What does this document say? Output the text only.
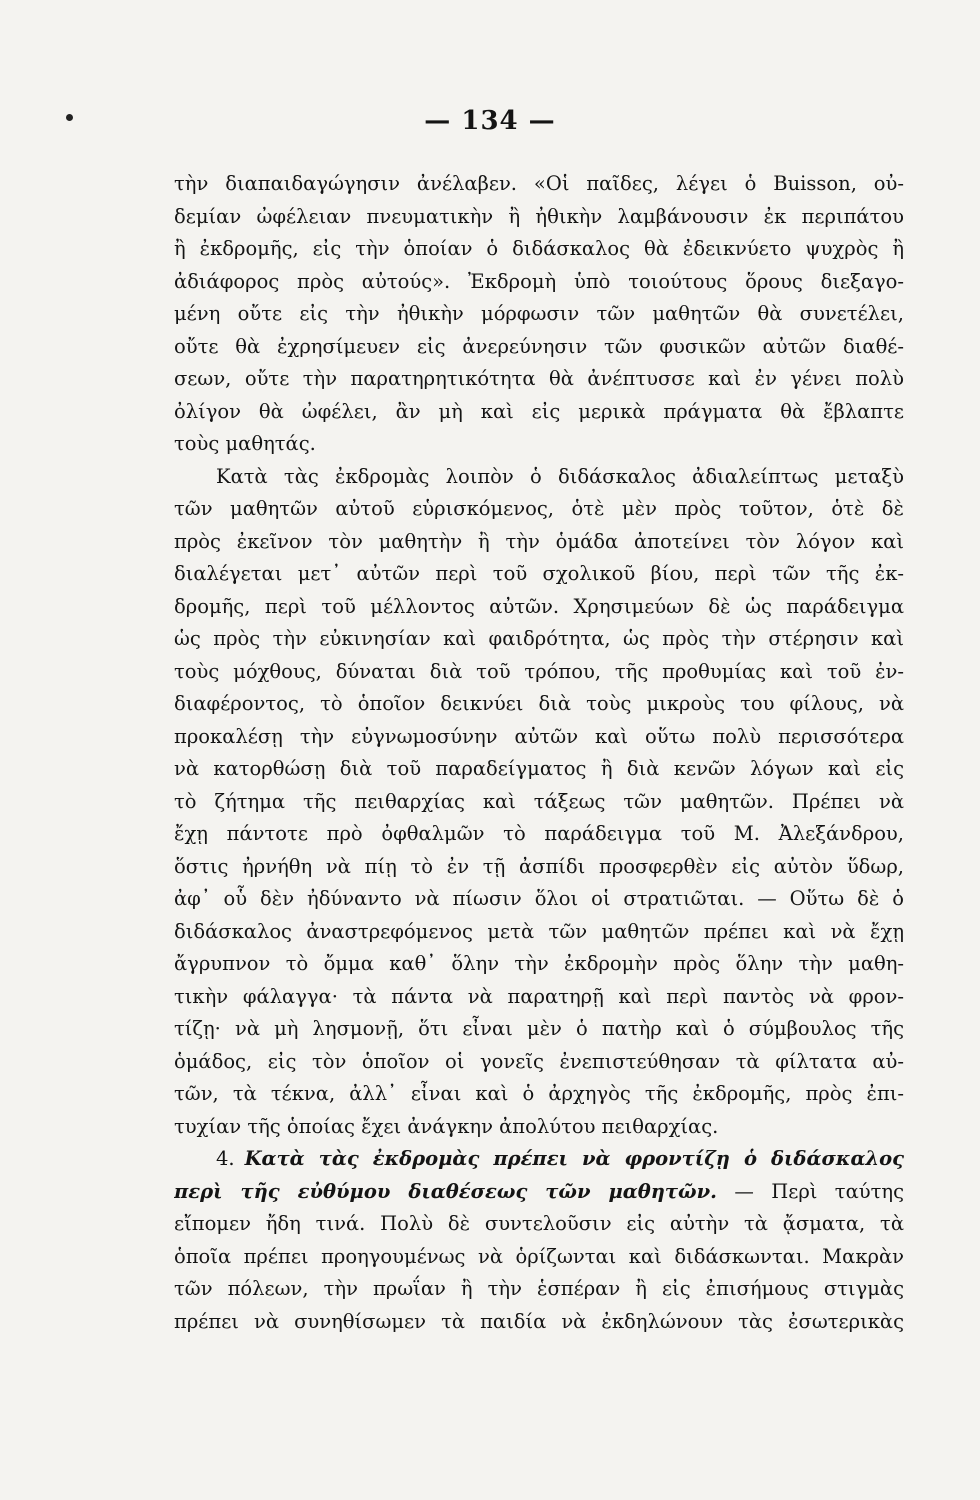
— 134 —
τὴν διαπαιδαγώγησιν ἀνέλαβεν. «Οἱ παῖδες, λέγει ὁ Buisson, οὐ-
δεμίαν ὠφέλειαν πνευματικὴν ἢ ἠθικὴν λαμβάνουσιν ἐκ περιπάτου
ἢ ἐκδρομῆς, εἰς τὴν ὁποίαν ὁ διδάσκαλος θὰ ἐδεικνύετο ψυχρὸς ἢ
ἀδιάφορος πρὸς αὐτούς». Ἐκδρομὴ ὑπὸ τοιούτους ὅρους διεξαγο-
μένη οὔτε εἰς τὴν ἠθικὴν μόρφωσιν τῶν μαθητῶν θὰ συνετέλει,
οὔτε θὰ ἐχρησίμευεν εἰς ἀνερεύνησιν τῶν φυσικῶν αὐτῶν διαθέ-
σεων, οὔτε τὴν παρατηρητικότητα θὰ ἀνέπτυσσε καὶ ἐν γένει πολὺ
ὀλίγον θὰ ὠφέλει, ἂν μὴ καὶ εἰς μερικὰ πράγματα θὰ ἔβλαπτε
τοὺς μαθητάς.
Κατὰ τὰς ἐκδρομὰς λοιπὸν ὁ διδάσκαλος ἀδιαλείπτως μεταξὺ
τῶν μαθητῶν αὐτοῦ εὑρισκόμενος, ὁτὲ μὲν πρὸς τοῦτον, ὁτὲ δὲ
πρὸς ἐκεῖνον τὸν μαθητὴν ἢ τὴν ὁμάδα ἀποτείνει τὸν λόγον καὶ
διαλέγεται μετ᾽ αὐτῶν περὶ τοῦ σχολικοῦ βίου, περὶ τῶν τῆς ἐκ-
δρομῆς, περὶ τοῦ μέλλοντος αὐτῶν. Χρησιμεύων δὲ ὡς παράδειγμα
ὡς πρὸς τὴν εὐκινησίαν καὶ φαιδρότητα, ὡς πρὸς τὴν στέρησιν καὶ
τοὺς μόχθους, δύναται διὰ τοῦ τρόπου, τῆς προθυμίας καὶ τοῦ ἐν-
διαφέροντος, τὸ ὁποῖον δεικνύει διὰ τοὺς μικροὺς του φίλους, νὰ
προκαλέσῃ τὴν εὐγνωμοσύνην αὐτῶν καὶ οὕτω πολὺ περισσότερα
νὰ κατορθώσῃ διὰ τοῦ παραδείγματος ἢ διὰ κενῶν λόγων καὶ εἰς
τὸ ζήτημα τῆς πειθαρχίας καὶ τάξεως τῶν μαθητῶν. Πρέπει νὰ
ἔχῃ πάντοτε πρὸ ὀφθαλμῶν τὸ παράδειγμα τοῦ Μ. Ἀλεξάνδρου,
ὅστις ἠρνήθη νὰ πίῃ τὸ ἐν τῇ ἀσπίδι προσφερθὲν εἰς αὐτὸν ὕδωρ,
ἀφ᾽ οὗ δὲν ἠδύναντο νὰ πίωσιν ὅλοι οἱ στρατιῶται. — Οὕτω δὲ ὁ
διδάσκαλος ἀναστρεφόμενος μετὰ τῶν μαθητῶν πρέπει καὶ νὰ ἔχῃ
ἄγρυπνον τὸ ὄμμα καθ᾽ ὅλην τὴν ἐκδρομὴν πρὸς ὅλην τὴν μαθη-
τικὴν φάλαγγα· τὰ πάντα νὰ παρατηρῇ καὶ περὶ παντὸς νὰ φρον-
τίζῃ· νὰ μὴ λησμονῇ, ὅτι εἶναι μὲν ὁ πατὴρ καὶ ὁ σύμβουλος τῆς
ὁμάδος, εἰς τὸν ὁποῖον οἱ γονεῖς ἐνεπιστεύθησαν τὰ φίλτατα αὐ-
τῶν, τὰ τέκνα, ἀλλ᾽ εἶναι καὶ ὁ ἀρχηγὸς τῆς ἐκδρομῆς, πρὸς ἐπι-
τυχίαν τῆς ὁποίας ἔχει ἀνάγκην ἀπολύτου πειθαρχίας.
4. Κατὰ τὰς ἐκδρομὰς πρέπει νὰ φροντίζῃ ὁ διδάσκαλος
περὶ τῆς εὐθύμου διαθέσεως τῶν μαθητῶν. — Περὶ ταύτης
εἴπομεν ἤδη τινά. Πολὺ δὲ συντελοῦσιν εἰς αὐτὴν τὰ ᾄσματα, τὰ
ὁποῖα πρέπει προηγουμένως νὰ ὁρίζωνται καὶ διδάσκωνται. Μακρὰν
τῶν πόλεων, τὴν πρωΐαν ἢ τὴν ἑσπέραν ἢ εἰς ἐπισήμους στιγμὰς
πρέπει νὰ συνηθίσωμεν τὰ παιδία νὰ ἐκδηλώνουν τὰς ἐσωτερικὰς
